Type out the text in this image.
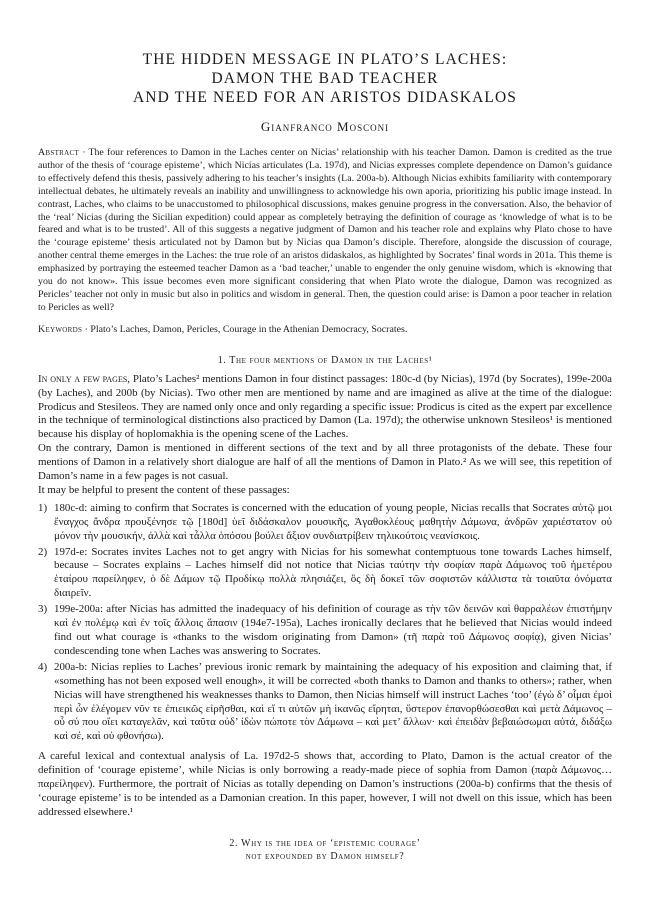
THE HIDDEN MESSAGE IN PLATO’S LACHES:
DAMON THE BAD TEACHER
AND THE NEED FOR AN ARISTOS DIDASKALOS
Gianfranco Mosconi

Abstract · The four references to Damon in the Laches center on Nicias’ relationship with his teacher Damon. Damon is credited as the true author of the thesis of ‘courage episteme’, which Nicias articulates (La. 197d), and Nicias expresses complete dependence on Damon’s guidance to effectively defend this thesis, passively adhering to his teacher’s insights (La. 200a-b). Although Nicias exhibits familiarity with contemporary intellectual debates, he ultimately reveals an inability and unwillingness to acknowledge his own aporia, prioritizing his public image instead. In contrast, Laches, who claims to be unaccustomed to philosophical discussions, makes genuine progress in the conversation. Also, the behavior of the ‘real’ Nicias (during the Sicilian expedition) could appear as completely betraying the definition of courage as ‘knowledge of what is to be feared and what is to be trusted’. All of this suggests a negative judgment of Damon and his teacher role and explains why Plato chose to have the ‘courage episteme’ thesis articulated not by Damon but by Nicias qua Damon’s disciple. Therefore, alongside the discussion of courage, another central theme emerges in the Laches: the true role of an aristos didaskalos, as highlighted by Socrates’ final words in 201a. This theme is emphasized by portraying the esteemed teacher Damon as a ‘bad teacher,’ unable to engender the only genuine wisdom, which is «knowing that you do not know». This issue becomes even more significant considering that when Plato wrote the dialogue, Damon was recognized as Pericles’ teacher not only in music but also in politics and wisdom in general. Then, the question could arise: is Damon a poor teacher in relation to Pericles as well?

Keywords · Plato’s Laches, Damon, Pericles, Courage in the Athenian Democracy, Socrates.

1. The four mentions of Damon in the Laches¹

In only a few pages, Plato’s Laches² mentions Damon in four distinct passages: 180c-d (by Nicias), 197d (by Socrates), 199e-200a (by Laches), and 200b (by Nicias). Two other men are mentioned by name and are imagined as alive at the time of the dialogue: Prodicus and Stesileos. They are named only once and only regarding a specific issue: Prodicus is cited as the expert par excellence in the technique of terminological distinctions also practiced by Damon (La. 197d); the otherwise unknown Stesileos¹ is mentioned because his display of hoplomakhia is the opening scene of the Laches.

On the contrary, Damon is mentioned in different sections of the text and by all three protagonists of the debate. These four mentions of Damon in a relatively short dialogue are half of all the mentions of Damon in Plato.² As we will see, this repetition of Damon’s name in a few pages is not casual.

It may be helpful to present the content of these passages:

1) 180c-d: aiming to confirm that Socrates is concerned with the education of young people, Nicias recalls that Socrates αὐτῷ μοι ἔναγχος ἄνδρα προυξένησε τῷ [180d] ὑεῖ διδάσκαλον μουσικῆς, Ἀγαθοκλέους μαθητὴν Δάμωνα, ἀνδρῶν χαριέστατον οὐ μόνον τὴν μουσικήν, ἀλλὰ καὶ τἆλλα ὁπόσου βούλει ἄξιον συνδιατρίβειν τηλικούτοις νεανίσκοις.
2) 197d-e: Socrates invites Laches not to get angry with Nicias for his somewhat contemptuous tone towards Laches himself, because – Socrates explains – Laches himself did not notice that Nicias ταύτην τὴν σοφίαν παρὰ Δάμωνος τοῦ ἡμετέρου ἑταίρου παρείληφεν, ὁ δὲ Δάμων τῷ Προδίκῳ πολλὰ πλησιάζει, ὃς δὴ δοκεῖ τῶν σοφιστῶν κάλλιστα τὰ τοιαῦτα ὀνόματα διαιρεῖν.
3) 199e-200a: after Nicias has admitted the inadequacy of his definition of courage as τὴν τῶν δεινῶν καὶ θαρραλέων ἐπιστήμην καὶ ἐν πολέμῳ καὶ ἐν τοῖς ἄλλοις ἅπασιν (194e7-195a), Laches ironically declares that he believed that Nicias would indeed find out what courage is «thanks to the wisdom originating from Damon» (τῆ παρὰ τοῦ Δάμωνος σοφίᾳ), given Nicias’ condescending tone when Laches was answering to Socrates.
4) 200a-b: Nicias replies to Laches’ previous ironic remark by maintaining the adequacy of his exposition and claiming that, if «something has not been exposed well enough», it will be corrected «both thanks to Damon and thanks to others»; rather, when Nicias will have strengthened his weaknesses thanks to Damon, then Nicias himself will instruct Laches ‘too’ (ἐγὼ δ’ οἶμαι ἐμοὶ περὶ ὧν ἐλέγομεν νῦν τε ἐπιεικῶς εἰρῆσθαι, καὶ εἴ τι αὐτῶν μὴ ἱκανῶς εἴρηται, ὕστερον ἐπανορθώσεσθαι καὶ μετὰ Δάμωνος – οὗ σύ που οἴει καταγελᾶν, καὶ ταῦτα οὐδ’ ἰδὼν πώποτε τὸν Δάμωνα – καὶ μετ’ ἄλλων· καὶ ἐπειδὰν βεβαιώσωμαι αὐτά, διδάξω καὶ σέ, καὶ οὐ φθονήσω).

A careful lexical and contextual analysis of La. 197d2-5 shows that, according to Plato, Damon is the actual creator of the definition of ‘courage episteme’, while Nicias is only borrowing a ready-made piece of sophia from Damon (παρὰ Δάμωνος…παρείληφεν). Furthermore, the portrait of Nicias as totally depending on Damon’s instructions (200a-b) confirms that the thesis of ‘courage episteme’ is to be intended as a Damonian creation. In this paper, however, I will not dwell on this issue, which has been addressed elsewhere.¹

2. Why is the idea of ‘epistemic courage’
not expounded by Damon himself?
